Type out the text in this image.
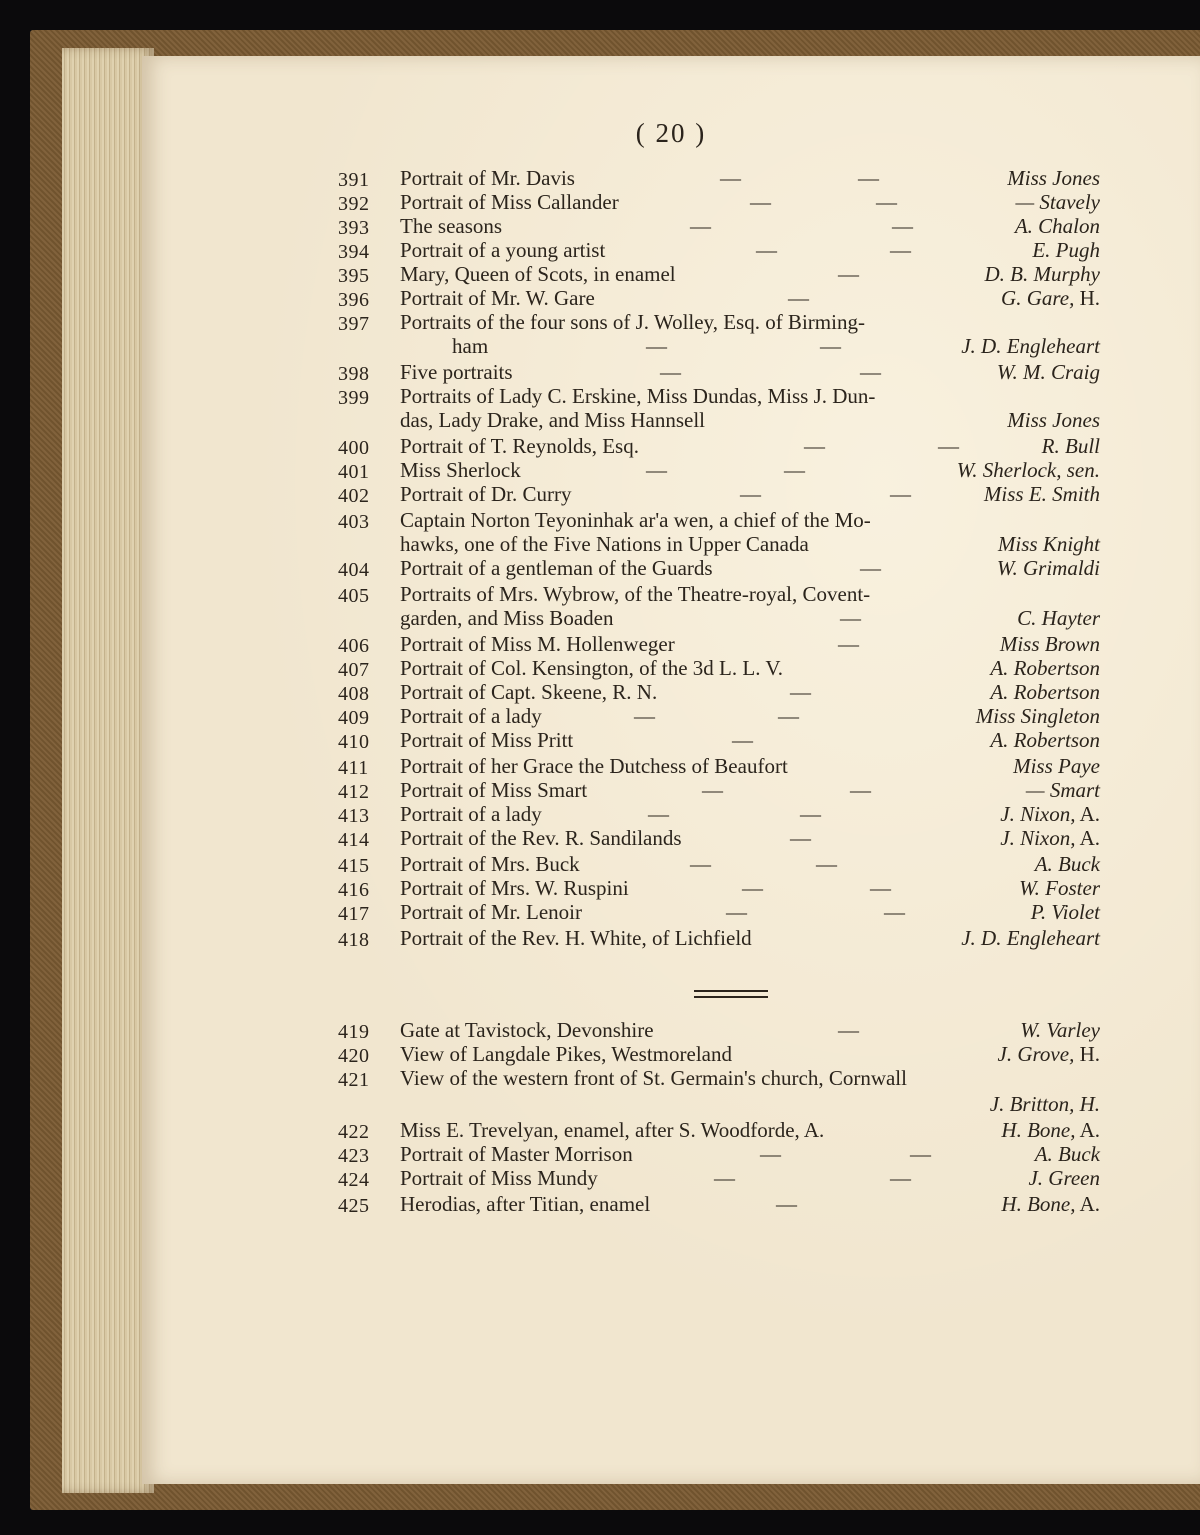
( 20 )
391 Portrait of Mr. Davis	—	—	Miss Jones
392 Portrait of Miss Callander	—	—	— Stavely
393 The seasons	—	—	A. Chalon
394 Portrait of a young artist	—	—	E. Pugh
395 Mary, Queen of Scots, in enamel	—	D. B. Murphy
396 Portrait of Mr. W. Gare	—	G. Gare, H.
397 Portraits of the four sons of J. Wolley, Esq. of Birming-
ham	—	—	J. D. Engleheart
398 Five portraits	—	—	W. M. Craig
399 Portraits of Lady C. Erskine, Miss Dundas, Miss J. Dun-
das, Lady Drake, and Miss Hannsell	Miss Jones
400 Portrait of T. Reynolds, Esq.	—	—	R. Bull
401 Miss Sherlock	—	—	W. Sherlock, sen.
402 Portrait of Dr. Curry	—	—	Miss E. Smith
403 Captain Norton Teyoninhak ar'a wen, a chief of the Mo-
hawks, one of the Five Nations in Upper Canada	Miss Knight
404 Portrait of a gentleman of the Guards	—	W. Grimaldi
405 Portraits of Mrs. Wybrow, of the Theatre-royal, Covent-
garden, and Miss Boaden	—	C. Hayter
406 Portrait of Miss M. Hollenweger	—	Miss Brown
407 Portrait of Col. Kensington, of the 3d L. L. V.	A. Robertson
408 Portrait of Capt. Skeene, R. N.	—	A. Robertson
409 Portrait of a lady	—	—	Miss Singleton
410 Portrait of Miss Pritt	—	A. Robertson
411 Portrait of her Grace the Dutchess of Beaufort	Miss Paye
412 Portrait of Miss Smart	—	—	— Smart
413 Portrait of a lady	—	—	J. Nixon, A.
414 Portrait of the Rev. R. Sandilands	—	J. Nixon, A.
415 Portrait of Mrs. Buck	—	—	A. Buck
416 Portrait of Mrs. W. Ruspini	—	—	W. Foster
417 Portrait of Mr. Lenoir	—	—	P. Violet
418 Portrait of the Rev. H. White, of Lichfield	J. D. Engleheart
419 Gate at Tavistock, Devonshire	—	W. Varley
420 View of Langdale Pikes, Westmoreland	J. Grove, H.
421 View of the western front of St. Germain's church, Cornwall
J. Britton, H.
422 Miss E. Trevelyan, enamel, after S. Woodforde, A.	H. Bone, A.
423 Portrait of Master Morrison	—	—	A. Buck
424 Portrait of Miss Mundy	—	—	J. Green
425 Herodias, after Titian, enamel	—	H. Bone, A.
